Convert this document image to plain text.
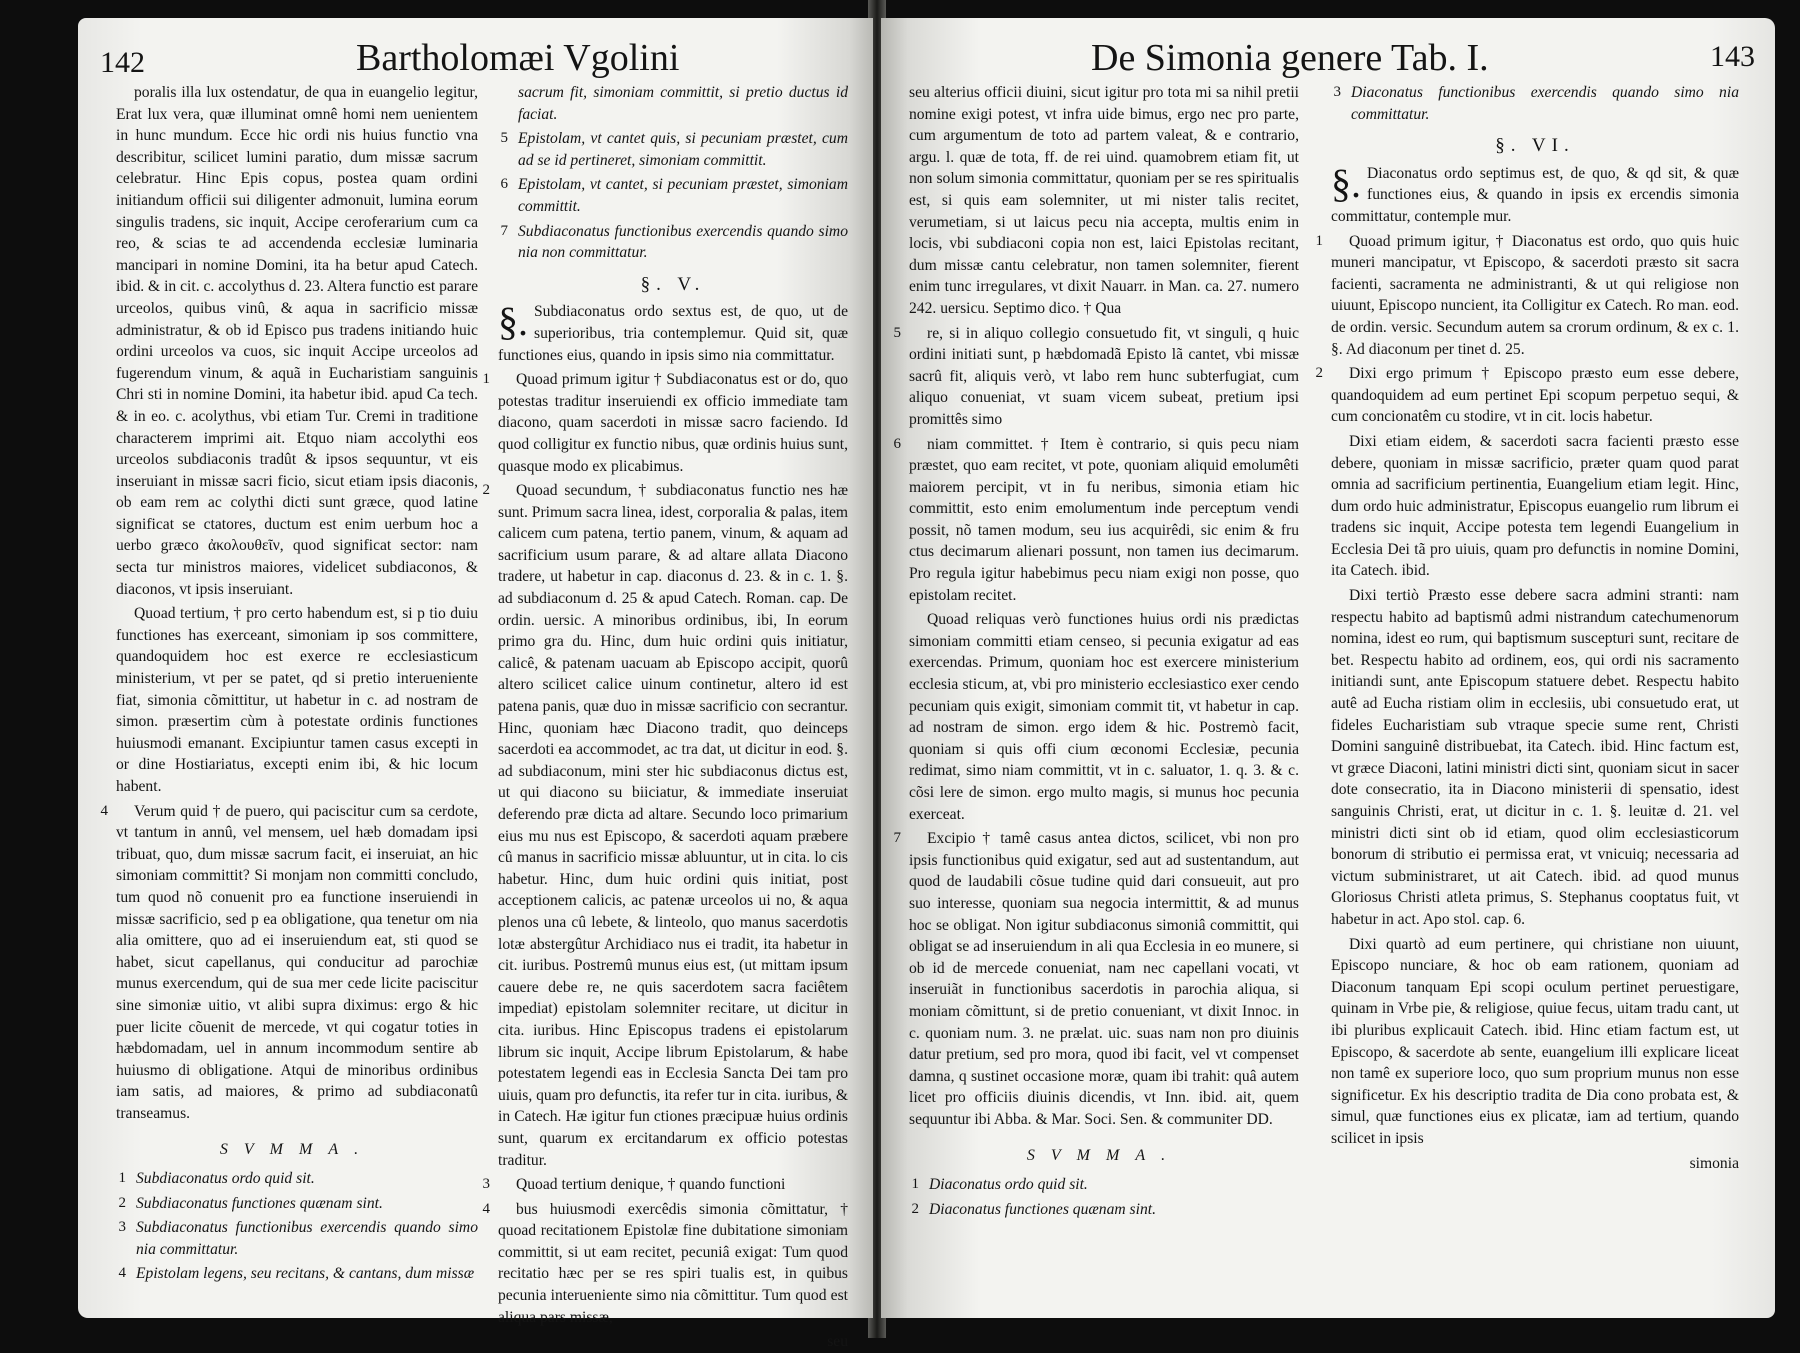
142	Bartholomæi Vgolini

poralis illa lux ostendatur, de qua in euangelio legitur, Erat lux vera, quæ illuminat omnê homi nem uenientem in hunc mundum. Ecce hic ordi nis huius functio vna describitur, scilicet lumini paratio, dum missæ sacrum celebratur. Hinc Epis copus, postea quam ordini initiandum officii sui diligenter admonuit, lumina eorum singulis tradens, sic inquit, Accipe ceroferarium cum ca reo, & scias te ad accendenda ecclesiæ luminaria mancipari in nomine Domini, ita ha betur apud Catech. ibid. & in cit. c. accolythus d. 23. Altera functio est parare urceolos, quibus vinû, & aqua in sacrificio missæ administratur, & ob id Episco pus tradens initiando huic ordini urceolos va cuos, sic inquit Accipe urceolos ad fugerendum vinum, & aquã in Eucharistiam sanguinis Chri sti in nomine Domini, ita habetur ibid. apud Ca tech. & in eo. c. acolythus, vbi etiam Tur. Cremi in traditione characterem imprimi ait. Etquo niam accolythi eos urceolos subdiaconis tradût & ipsos sequuntur, vt eis inseruiant in missæ sacri ficio, sicut etiam ipsis diaconis, ob eam rem ac colythi dicti sunt græce, quod latine significat se ctatores, ductum est enim uerbum hoc a uerbo græco ἀκολουθεῖν, quod significat sector: nam secta tur ministros maiores, videlicet subdiaconos, & diaconos, vt ipsis inseruiant.

Quoad tertium, † pro certo habendum est, si p tio duiu functiones has exerceant, simoniam ip sos committere, quandoquidem hoc est exerce re ecclesiasticum ministerium, vt per se patet, qd si pretio interueniente fiat, simonia cõmittitur, ut habetur in c. ad nostram de simon. præsertim cùm à potestate ordinis functiones huiusmodi emanant. Excipiuntur tamen casus excepti in or dine Hostiariatus, excepti enim ibi, & hic locum habent.

4 Verum quid † de puero, qui paciscitur cum sa cerdote, vt tantum in annû, vel mensem, uel hæb domadam ipsi tribuat, quo, dum missæ sacrum facit, ei inseruiat, an hic simoniam committit? Si monjam non committi concludo, tum quod nõ conuenit pro ea functione inseruiendi in missæ sacrificio, sed p ea obligatione, qua tenetur om nia alia omittere, quo ad ei inseruiendum eat, sti quod se habet, sicut capellanus, qui conducitur ad parochiæ munus exercendum, qui de sua mer cede licite paciscitur sine simoniæ uitio, vt alibi supra diximus: ergo & hic puer licite cõuenit de mercede, vt qui cogatur toties in hæbdomadam, uel in annum incommodum sentire ab huiusmo di obligatione. Atqui de minoribus ordinibus iam satis, ad maiores, & primo ad subdiaconatû transeamus.

SVMMA.

1 Subdiaconatus ordo quid sit.

2 Subdiaconatus functiones quænam sint.

3 Subdiaconatus functionibus exercendis quando simo nia committatur.

4 Epistolam legens, seu recitans, & cantans, dum missæ

sacrum fit, simoniam committit, si pretio ductus id faciat.

5 Epistolam, vt cantet quis, si pecuniam præstet, cum ad se id pertineret, simoniam committit.

6 Epistolam, vt cantet, si pecuniam præstet, simoniam committit.

7 Subdiaconatus functionibus exercendis quando simo nia non committatur.

§. V.

§. Subdiaconatus ordo sextus est, de quo, ut de superioribus, tria contemplemur. Quid sit, quæ functiones eius, quando in ipsis simo nia committatur.

1 Quoad primum igitur † Subdiaconatus est or do, quo potestas traditur inseruiendi ex officio immediate tam diacono, quam sacerdoti in missæ sacro faciendo. Id quod colligitur ex functio nibus, quæ ordinis huius sunt, quasque modo ex plicabimus.

2 Quoad secundum, † subdiaconatus functio nes hæ sunt. Primum sacra linea, idest, corporalia & palas, item calicem cum patena, tertio panem, vinum, & aquam ad sacrificium usum parare, & ad altare allata Diacono tradere, ut habetur in cap. diaconus d. 23. & in c. 1. §. ad subdiaconum d. 25 & apud Catech. Roman. cap. De ordin. uersic. A minoribus ordinibus, ibi, In eorum primo gra du. Hinc, dum huic ordini quis initiatur, calicê, & patenam uacuam ab Episcopo accipit, quorû altero scilicet calice uinum continetur, altero id est patena panis, quæ duo in missæ sacrificio con secrantur. Hinc, quoniam hæc Diacono tradit, quo deinceps sacerdoti ea accommodet, ac tra dat, ut dicitur in eod. §. ad subdiaconum, mini ster hic subdiaconus dictus est, ut qui diacono su biiciatur, & immediate inseruiat deferendo præ dicta ad altare. Secundo loco primarium eius mu nus est Episcopo, & sacerdoti aquam præbere cû manus in sacrificio missæ abluuntur, ut in cita. lo cis habetur. Hinc, dum huic ordini quis initiat, post acceptionem calicis, ac patenæ urceolos ui no, & aqua plenos una cû lebete, & linteolo, quo manus sacerdotis lotæ abstergûtur Archidiaco nus ei tradit, ita habetur in cit. iuribus. Postremû munus eius est, (ut mittam ipsum cauere debe re, ne quis sacerdotem sacra faciêtem impediat) epistolam solemniter recitare, ut dicitur in cita. iuribus. Hinc Episcopus tradens ei epistolarum librum sic inquit, Accipe librum Epistolarum, & habe potestatem legendi eas in Ecclesia Sancta Dei tam pro uiuis, quam pro defunctis, ita refer tur in cita. iuribus, & in Catech. Hæ igitur fun ctiones præcipuæ huius ordinis sunt, quarum ex ercitandarum ex officio potestas traditur.

3 Quoad tertium denique, † quando functioni

4 bus huiusmodi exercêdis simonia cõmittatur, † quoad recitationem Epistolæ fine dubitatione simoniam committit, si ut eam recitet, pecuniâ exigat: Tum quod recitatio hæc per se res spiri tualis est, in quibus pecunia interueniente simo nia cõmittitur. Tum quod est aliqua pars missæ,

seu
De Simonia genere Tab. I.	143

seu alterius officii diuini, sicut igitur pro tota mi sa nihil pretii nomine exigi potest, vt infra uide bimus, ergo nec pro parte, cum argumentum de toto ad partem valeat, & e contrario, argu. l. quæ de tota, ff. de rei uind. quamobrem etiam fit, ut non solum simonia committatur, quoniam per se res spiritualis est, si quis eam solemniter, ut mi nister talis recitet, verumetiam, si ut laicus pecu nia accepta, multis enim in locis, vbi subdiaconi copia non est, laici Epistolas recitant, dum missæ cantu celebratur, non tamen solemniter, fierent enim tunc irregulares, vt dixit Nauarr. in Man. ca. 27. numero 242. uersicu. Septimo dico. † Qua

5 re, si in aliquo collegio consuetudo fit, vt singuli, q huic ordini initiati sunt, p hæbdomadã Episto lã cantet, vbi missæ sacrû fit, aliquis verò, vt labo rem hunc subterfugiat, cum aliquo conueniat, vt suam vicem subeat, pretium ipsi promittês simo

6 niam committet. † Item è contrario, si quis pecu niam præstet, quo eam recitet, vt pote, quoniam aliquid emolumêti maiorem percipit, vt in fu neribus, simonia etiam hic committit, esto enim emolumentum inde perceptum vendi possit, nõ tamen modum, seu ius acquirêdi, sic enim & fru ctus decimarum alienari possunt, non tamen ius decimarum. Pro regula igitur habebimus pecu niam exigi non posse, quo epistolam recitet.

Quoad reliquas verò functiones huius ordi nis prædictas simoniam committi etiam censeo, si pecunia exigatur ad eas exercendas. Primum, quoniam hoc est exercere ministerium ecclesia sticum, at, vbi pro ministerio ecclesiastico exer cendo pecuniam quis exigit, simoniam commit tit, vt habetur in cap. ad nostram de simon. ergo idem & hic. Postremò facit, quoniam si quis offi cium œconomi Ecclesiæ, pecunia redimat, simo niam committit, vt in c. saluator, 1. q. 3. & c. cõsi lere de simon. ergo multo magis, si munus hoc pecunia exerceat.

7 Excipio † tamê casus antea dictos, scilicet, vbi non pro ipsis functionibus quid exigatur, sed aut ad sustentandum, aut quod de laudabili cõsue tudine quid dari consueuit, aut pro suo interesse, quoniam sua negocia intermittit, & ad munus hoc se obligat. Non igitur subdiaconus simoniâ committit, qui obligat se ad inseruiendum in ali qua Ecclesia in eo munere, si ob id de mercede conueniat, nam nec capellani vocati, vt inseruiãt in functionibus sacerdotis in parochia aliqua, si moniam cõmittunt, si de pretio conueniant, vt dixit Innoc. in c. quoniam num. 3. ne prælat. uic. suas nam non pro diuinis datur pretium, sed pro mora, quod ibi facit, vel vt compenset damna, q sustinet occasione moræ, quam ibi trahit: quâ autem licet pro officiis diuinis dicendis, vt Inn. ibid. ait, quem sequuntur ibi Abba. & Mar. Soci. Sen. & communiter DD.

SVMMA.

1 Diaconatus ordo quid sit.

2 Diaconatus functiones quænam sint.

3 Diaconatus functionibus exercendis quando simo nia committatur.

§. VI.

§. Diaconatus ordo septimus est, de quo, & qd sit, & quæ functiones eius, & quando in ipsis ex ercendis simonia committatur, contemple mur.

1 Quoad primum igitur, † Diaconatus est ordo, quo quis huic muneri mancipatur, vt Episcopo, & sacerdoti præsto sit sacra facienti, sacramenta ne administranti, & ut qui religiose non uiuunt, Episcopo nuncient, ita Colligitur ex Catech. Ro man. eod. de ordin. versic. Secundum autem sa crorum ordinum, & ex c. 1. §. Ad diaconum per tinet d. 25.

2 Dixi ergo primum † Episcopo præsto eum esse debere, quandoquidem ad eum pertinet Epi scopum perpetuo sequi, & cum concionatêm cu stodire, vt in cit. locis habetur.

Dixi etiam eidem, & sacerdoti sacra facienti præsto esse debere, quoniam in missæ sacrificio, præter quam quod parat omnia ad sacrificium pertinentia, Euangelium etiam legit. Hinc, dum ordo huic administratur, Episcopus euangelio rum librum ei tradens sic inquit, Accipe potesta tem legendi Euangelium in Ecclesia Dei tã pro uiuis, quam pro defunctis in nomine Domini, ita Catech. ibid.

Dixi tertiò Præsto esse debere sacra admini stranti: nam respectu habito ad baptismû admi nistrandum catechumenorum nomina, idest eo rum, qui baptismum suscepturi sunt, recitare de bet. Respectu habito ad ordinem, eos, qui ordi nis sacramento initiandi sunt, ante Episcopum statuere debet. Respectu habito autê ad Eucha ristiam olim in ecclesiis, ubi consuetudo erat, ut fideles Eucharistiam sub vtraque specie sume rent, Christi Domini sanguinê distribuebat, ita Catech. ibid. Hinc factum est, vt græce Diaconi, latini ministri dicti sint, quoniam sicut in sacer dote consecratio, ita in Diacono ministerii di spensatio, idest sanguinis Christi, erat, ut dicitur in c. 1. §. leuitæ d. 21. vel ministri dicti sint ob id etiam, quod olim ecclesiasticorum bonorum di stributio ei permissa erat, vt vnicuiq; necessaria ad victum subministraret, ut ait Catech. ibid. ad quod munus Gloriosus Christi atleta primus, S. Stephanus cooptatus fuit, vt habetur in act. Apo stol. cap. 6.

Dixi quartò ad eum pertinere, qui christiane non uiuunt, Episcopo nunciare, & hoc ob eam rationem, quoniam ad Diaconum tanquam Epi scopi oculum pertinet peruestigare, quinam in Vrbe pie, & religiose, quiue fecus, uitam tradu cant, ut ibi pluribus explicauit Catech. ibid. Hinc etiam factum est, ut Episcopo, & sacerdote ab sente, euangelium illi explicare liceat non tamê ex superiore loco, quo sum proprium munus non esse significetur. Ex his descriptio tradita de Dia cono probata est, & simul, quæ functiones eius ex plicatæ, iam ad tertium, quando scilicet in ipsis

simonia
